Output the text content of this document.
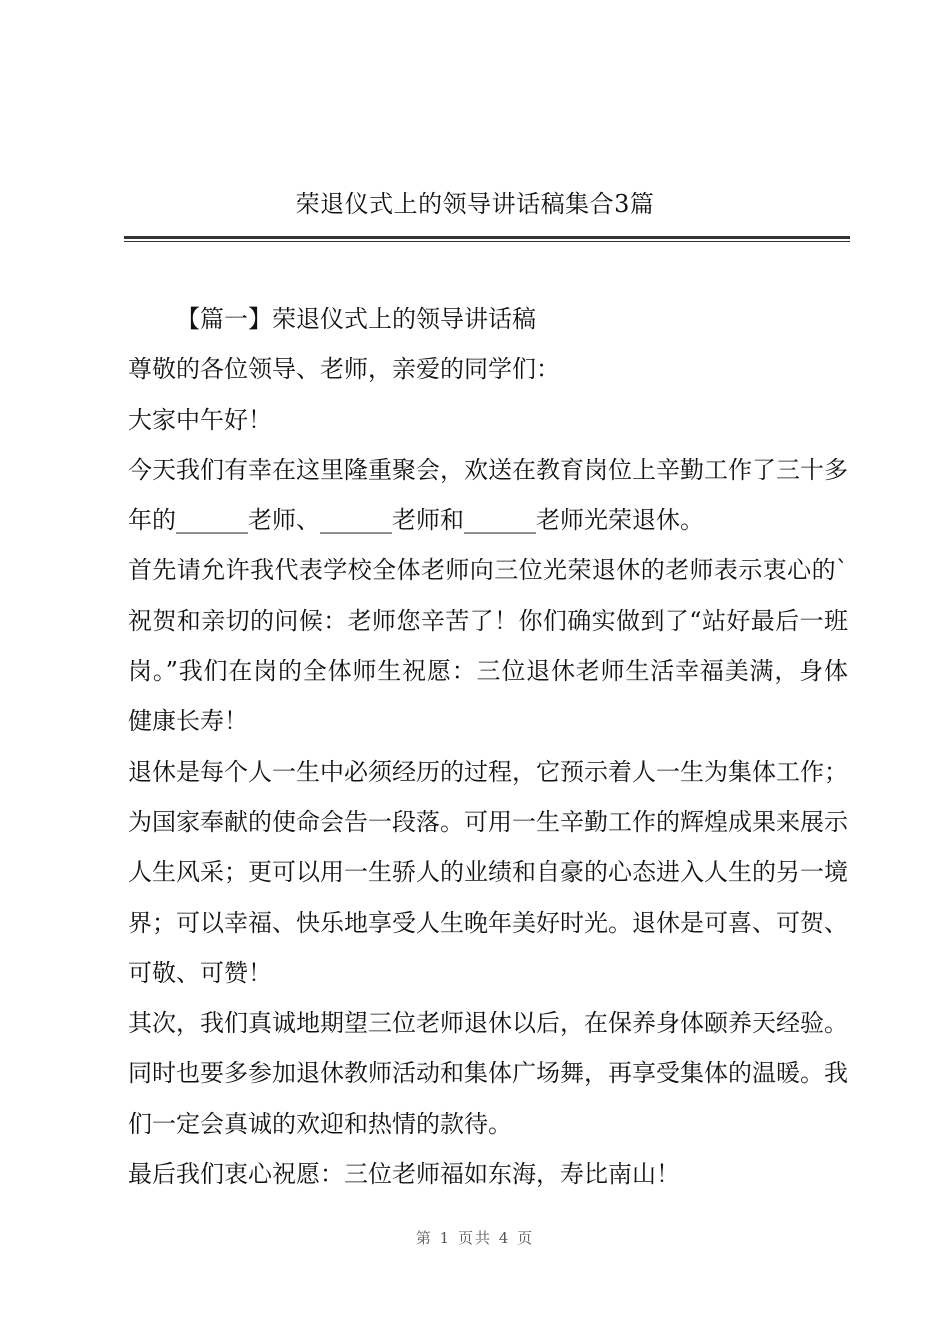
荣退仪式上的领导讲话稿集合3篇

【篇一】荣退仪式上的领导讲话稿

尊敬的各位领导、老师，亲爱的同学们：

大家中午好！

今天我们有幸在这里隆重聚会，欢送在教育岗位上辛勤工作了三十多年的______老师、______老师和______老师光荣退休。

首先请允许我代表学校全体老师向三位光荣退休的老师表示衷心的`祝贺和亲切的问候：老师您辛苦了！你们确实做到了“站好最后一班岗。”我们在岗的全体师生祝愿：三位退休老师生活幸福美满，身体健康长寿！

退休是每个人一生中必须经历的过程，它预示着人一生为集体工作；为国家奉献的使命会告一段落。可用一生辛勤工作的辉煌成果来展示人生风采；更可以用一生骄人的业绩和自豪的心态进入人生的另一境界；可以幸福、快乐地享受人生晚年美好时光。退休是可喜、可贺、可敬、可赞！

其次，我们真诚地期望三位老师退休以后，在保养身体颐养天经验。同时也要多参加退休教师活动和集体广场舞，再享受集体的温暖。我们一定会真诚的欢迎和热情的款待。

最后我们衷心祝愿：三位老师福如东海，寿比南山！

第 1 页共 4 页
